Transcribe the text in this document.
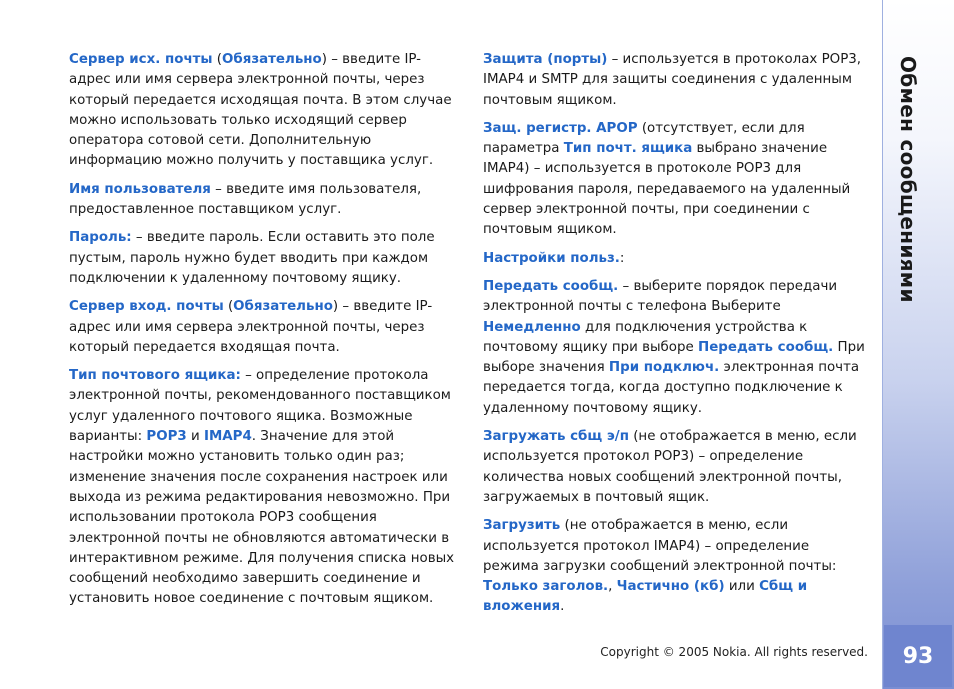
Обмен сообщениями
93

Сервер исх. почты (Обязательно) – введите IP-адрес или имя сервера электронной почты, через который передается исходящая почта. В этом случае можно использовать только исходящий сервер оператора сотовой сети. Дополнительную информацию можно получить у поставщика услуг.

Имя пользователя – введите имя пользователя, предоставленное поставщиком услуг.

Пароль: – введите пароль. Если оставить это поле пустым, пароль нужно будет вводить при каждом подключении к удаленному почтовому ящику.

Сервер вход. почты (Обязательно) – введите IP-адрес или имя сервера электронной почты, через который передается входящая почта.

Тип почтового ящика: – определение протокола электронной почты, рекомендованного поставщиком услуг удаленного почтового ящика. Возможные варианты: POP3 и IMAP4. Значение для этой настройки можно установить только один раз; изменение значения после сохранения настроек или выхода из режима редактирования невозможно. При использовании протокола POP3 сообщения электронной почты не обновляются автоматически в интерактивном режиме. Для получения списка новых сообщений необходимо завершить соединение и установить новое соединение с почтовым ящиком.

Защита (порты) – используется в протоколах POP3, IMAP4 и SMTP для защиты соединения с удаленным почтовым ящиком.

Защ. регистр. APOP (отсутствует, если для параметра Тип почт. ящика выбрано значение IMAP4) – используется в протоколе POP3 для шифрования пароля, передаваемого на удаленный сервер электронной почты, при соединении с почтовым ящиком.

Настройки польз.:

Передать сообщ. – выберите порядок передачи электронной почты с телефона Выберите Немедленно для подключения устройства к почтовому ящику при выборе Передать сообщ. При выборе значения При подключ. электронная почта передается тогда, когда доступно подключение к удаленному почтовому ящику.

Загружать сбщ э/п (не отображается в меню, если используется протокол POP3) – определение количества новых сообщений электронной почты, загружаемых в почтовый ящик.

Загрузить (не отображается в меню, если используется протокол IMAP4) – определение режима загрузки сообщений электронной почты: Только заголов., Частично (кб) или Сбщ и вложения.

Copyright © 2005 Nokia. All rights reserved.
